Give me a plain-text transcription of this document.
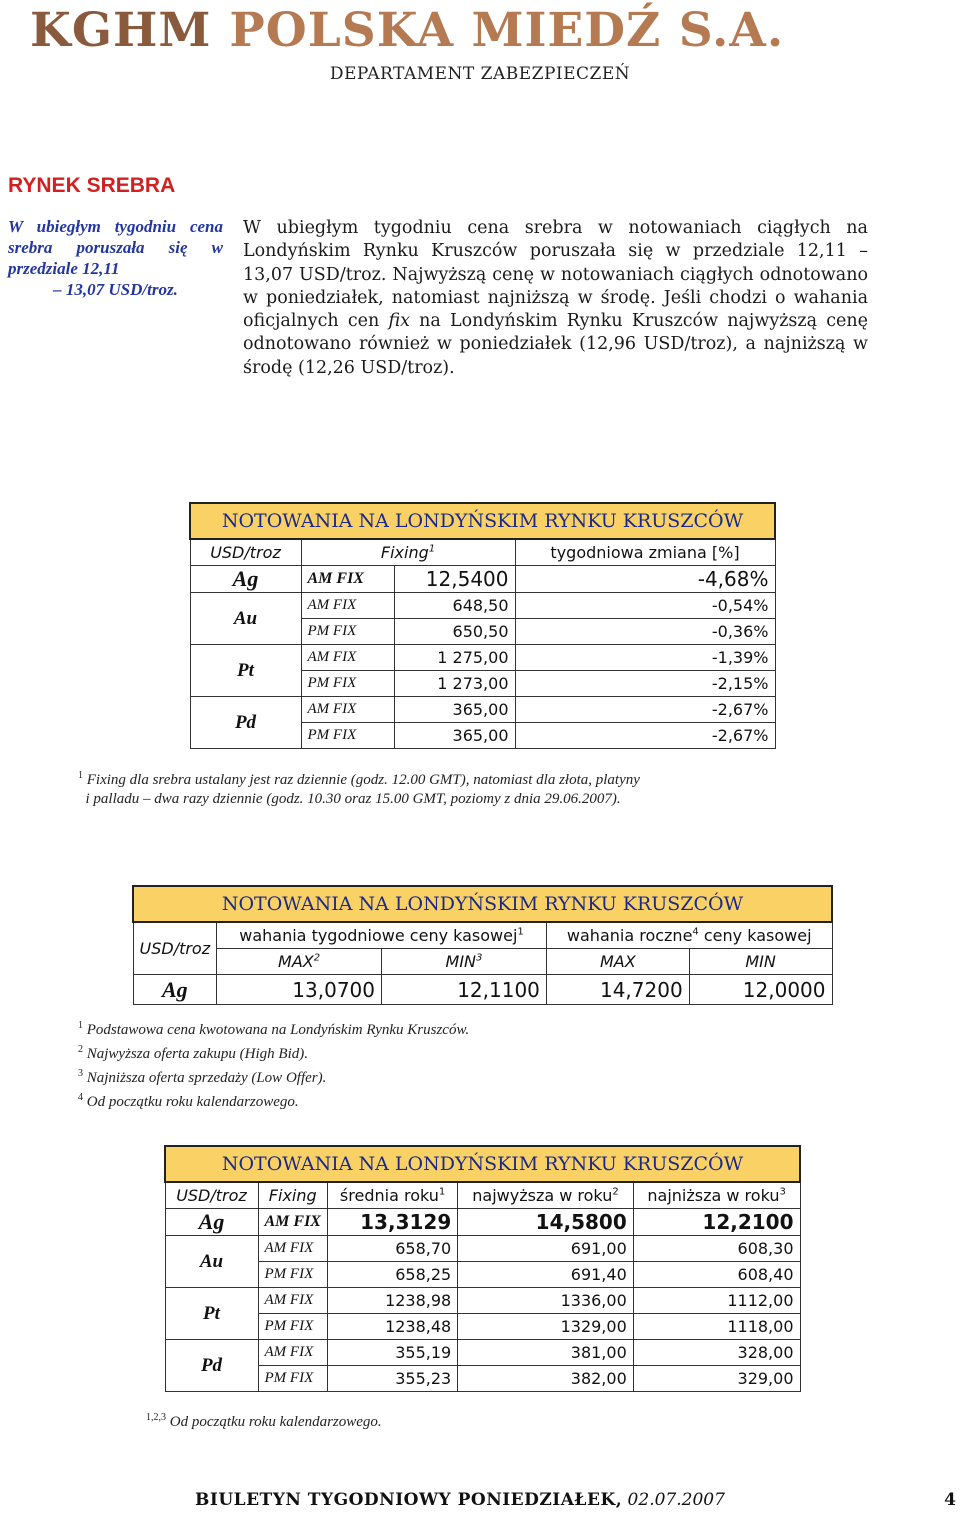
KGHM POLSKA MIEDŹ S.A.
DEPARTAMENT ZABEZPIECZEŃ
RYNEK SREBRA
W ubiegłym tygodniu cena srebra poruszała się w przedziale 12,11
– 13,07 USD/troz.
W ubiegłym tygodniu cena srebra w notowaniach ciągłych na Londyńskim Rynku Kruszców poruszała się w przedziale 12,11 – 13,07 USD/troz. Najwyższą cenę w notowaniach ciągłych odnotowano w poniedziałek, natomiast najniższą w środę. Jeśli chodzi o wahania oficjalnych cen fix na Londyńskim Rynku Kruszców najwyższą cenę odnotowano również w poniedziałek (12,96 USD/troz), a najniższą w środę (12,26 USD/troz).
NOTOWANIA NA LONDYŃSKIM RYNKU KRUSZCÓW			
USD/troz	Fixing$^1$		tygodniowa zmiana [%]
Ag	AM FIX	12,5400	-4,68%
Au	AM FIX	648,50	-0,54%
	PM FIX	650,50	-0,36%
Pt	AM FIX	1 275,00	-1,39%
	PM FIX	1 273,00	-2,15%
Pd	AM FIX	365,00	-2,67%
	PM FIX	365,00	-2,67%
$^1$ Fixing dla srebra ustalany jest raz dziennie (godz. 12.00 GMT), natomiast dla złota, platyny
i palladu – dwa razy dziennie (godz. 10.30 oraz 15.00 GMT, poziomy z dnia 29.06.2007).
NOTOWANIA NA LONDYŃSKIM RYNKU KRUSZCÓW				
USD/troz	wahania tygodniowe ceny kasowej$^1$		wahania roczne$^4$ ceny kasowej	
	MAX$^2$	MIN$^3$	MAX	MIN
Ag	13,0700	12,1100	14,7200	12,0000
$^1$ Podstawowa cena kwotowana na Londyńskim Rynku Kruszców.
$^2$ Najwyższa oferta zakupu (High Bid).
$^3$ Najniższa oferta sprzedaży (Low Offer).
$^4$ Od początku roku kalendarzowego.
NOTOWANIA NA LONDYŃSKIM RYNKU KRUSZCÓW				
USD/troz	Fixing	średnia roku$^1$	najwyższa w roku$^2$	najniższa w roku$^3$
Ag	AM FIX	13,3129	14,5800	12,2100
Au	AM FIX	658,70	691,00	608,30
	PM FIX	658,25	691,40	608,40
Pt	AM FIX	1238,98	1336,00	1112,00
	PM FIX	1238,48	1329,00	1118,00
Pd	AM FIX	355,19	381,00	328,00
	PM FIX	355,23	382,00	329,00
$^{1,2,3}$ Od początku roku kalendarzowego.
BIULETYN TYGODNIOWY PONIEDZIAŁEK, 02.07.2007	4
